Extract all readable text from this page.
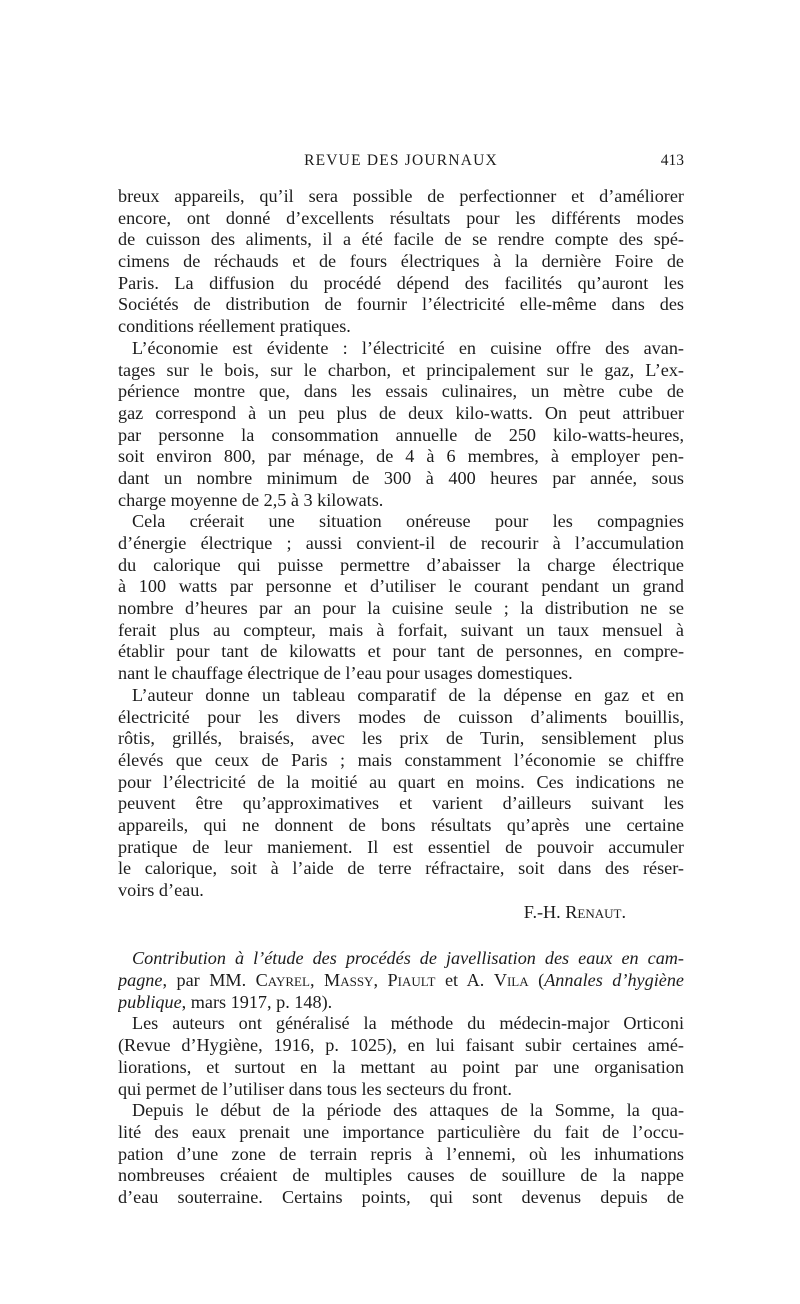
REVUE DES JOURNAUX	413
breux appareils, qu’il sera possible de perfectionner et d’améliorer
encore, ont donné d’excellents résultats pour les différents modes
de cuisson des aliments, il a été facile de se rendre compte des spé-
cimens de réchauds et de fours électriques à la dernière Foire de
Paris. La diffusion du procédé dépend des facilités qu’auront les
Sociétés de distribution de fournir l’électricité elle-même dans des
conditions réellement pratiques.
L’économie est évidente : l’électricité en cuisine offre des avan-
tages sur le bois, sur le charbon, et principalement sur le gaz, L’ex-
périence montre que, dans les essais culinaires, un mètre cube de
gaz correspond à un peu plus de deux kilo-watts. On peut attribuer
par personne la consommation annuelle de 250 kilo-watts-heures,
soit environ 800, par ménage, de 4 à 6 membres, à employer pen-
dant un nombre minimum de 300 à 400 heures par année, sous
charge moyenne de 2,5 à 3 kilowats.
Cela créerait une situation onéreuse pour les compagnies
d’énergie électrique ; aussi convient-il de recourir à l’accumulation
du calorique qui puisse permettre d’abaisser la charge électrique
à 100 watts par personne et d’utiliser le courant pendant un grand
nombre d’heures par an pour la cuisine seule ; la distribution ne se
ferait plus au compteur, mais à forfait, suivant un taux mensuel à
établir pour tant de kilowatts et pour tant de personnes, en compre-
nant le chauffage électrique de l’eau pour usages domestiques.
L’auteur donne un tableau comparatif de la dépense en gaz et en
électricité pour les divers modes de cuisson d’aliments bouillis,
rôtis, grillés, braisés, avec les prix de Turin, sensiblement plus
élevés que ceux de Paris ; mais constamment l’économie se chiffre
pour l’électricité de la moitié au quart en moins. Ces indications ne
peuvent être qu’approximatives et varient d’ailleurs suivant les
appareils, qui ne donnent de bons résultats qu’après une certaine
pratique de leur maniement. Il est essentiel de pouvoir accumuler
le calorique, soit à l’aide de terre réfractaire, soit dans des réser-
voirs d’eau.
F.-H. Renaut.
Contribution à l’étude des procédés de javellisation des eaux en cam-
pagne, par MM. Cayrel, Massy, Piault et A. Vila (Annales d’hygiène
publique, mars 1917, p. 148).
Les auteurs ont généralisé la méthode du médecin-major Orticoni
(Revue d’Hygiène, 1916, p. 1025), en lui faisant subir certaines amé-
liorations, et surtout en la mettant au point par une organisation
qui permet de l’utiliser dans tous les secteurs du front.
Depuis le début de la période des attaques de la Somme, la qua-
lité des eaux prenait une importance particulière du fait de l’occu-
pation d’une zone de terrain repris à l’ennemi, où les inhumations
nombreuses créaient de multiples causes de souillure de la nappe
d’eau souterraine. Certains points, qui sont devenus depuis de
